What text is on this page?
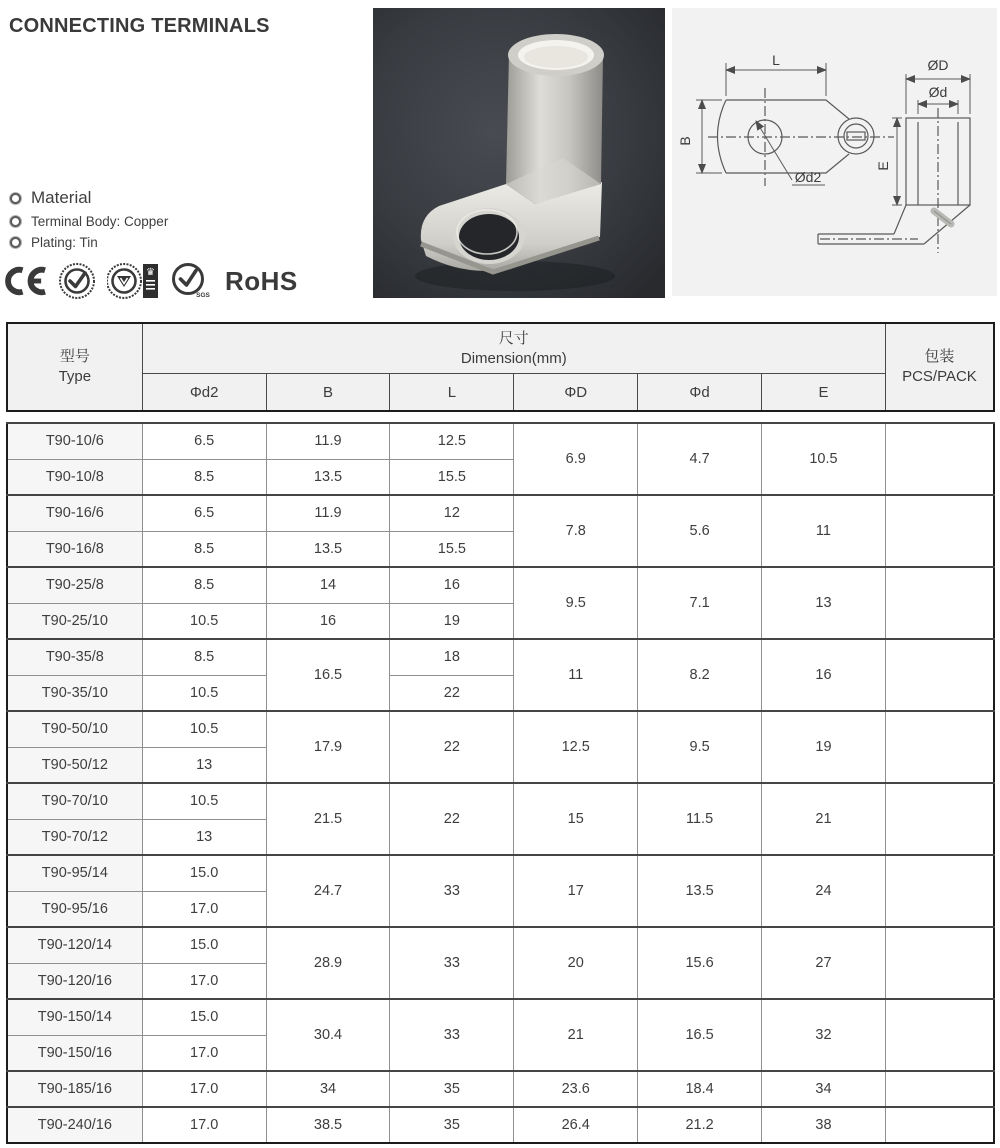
CONNECTING TERMINALS
Material
Terminal Body: Copper
Plating: Tin
♛
SGS RoHS
L
B
Ød2
ØD
Ød
E
型号
Type

尺寸
Dimension(mm)	包装
PCS/PACK

	Φd2	B	L	ΦD	Φd	E	
T90-10/6	6.5	11.9	12.5	6.9	4.7	10.5	
T90-10/8	8.5	13.5	15.5				
T90-16/6	6.5	11.9	12	7.8	5.6	11	
T90-16/8	8.5	13.5	15.5				
T90-25/8	8.5	14	16	9.5	7.1	13	
T90-25/10	10.5	16	19				
T90-35/8	8.5	16.5	18	11	8.2	16	
T90-35/10	10.5		22				
T90-50/10	10.5	17.9	22	12.5	9.5	19	
T90-50/12	13						
T90-70/10	10.5	21.5	22	15	11.5	21	
T90-70/12	13						
T90-95/14	15.0	24.7	33	17	13.5	24	
T90-95/16	17.0						
T90-120/14	15.0	28.9	33	20	15.6	27	
T90-120/16	17.0						
T90-150/14	15.0	30.4	33	21	16.5	32	
T90-150/16	17.0						
T90-185/16	17.0	34	35	23.6	18.4	34	
T90-240/16	17.0	38.5	35	26.4	21.2	38	
